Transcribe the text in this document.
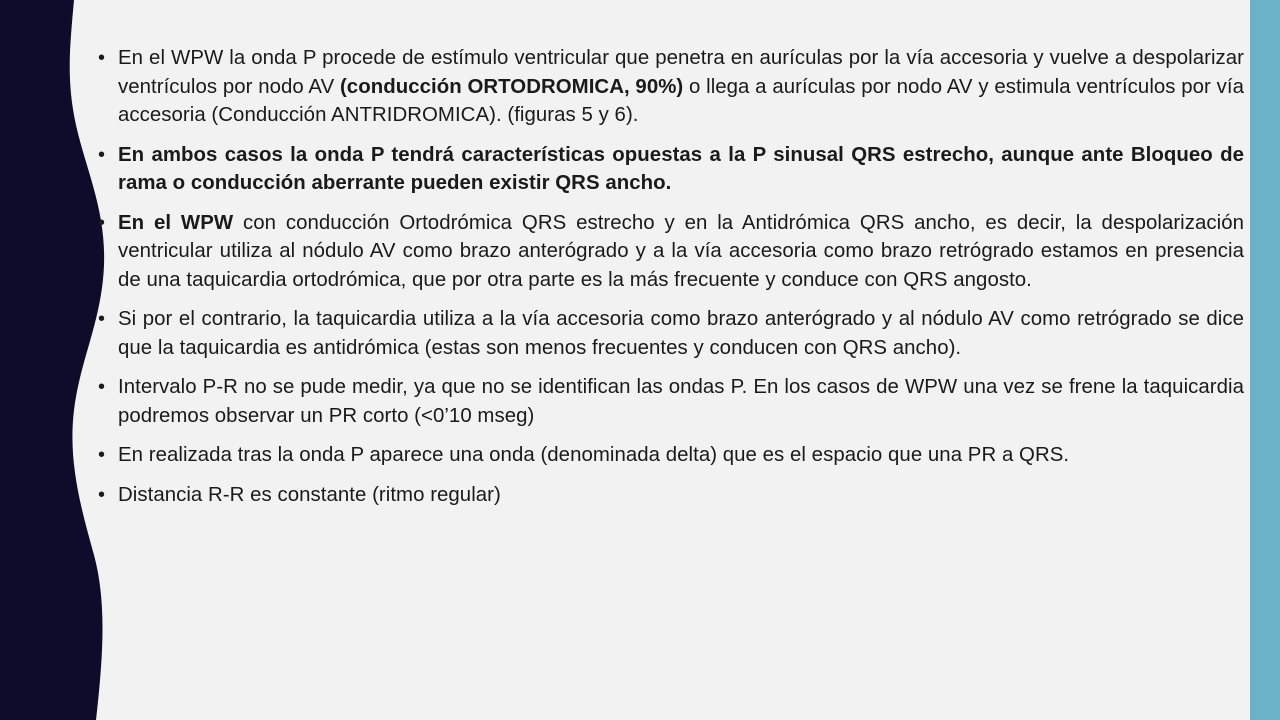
• En el WPW la onda P procede de estímulo ventricular que penetra en aurículas por la vía accesoria y vuelve a despolarizar ventrículos por nodo AV (conducción ORTODROMICA, 90%) o llega a aurículas por nodo AV y estimula ventrículos por vía accesoria (Conducción ANTRIDROMICA). (figuras 5 y 6).
• En ambos casos la onda P tendrá características opuestas a la P sinusal QRS estrecho, aunque ante Bloqueo de rama o conducción aberrante pueden existir QRS ancho.
• En el WPW con conducción Ortodrómica QRS estrecho y en la Antidrómica QRS ancho, es decir, la despolarización ventricular utiliza al nódulo AV como brazo anterógrado y a la vía accesoria como brazo retrógrado estamos en presencia de una taquicardia ortodrómica, que por otra parte es la más frecuente y conduce con QRS angosto.
• Si por el contrario, la taquicardia utiliza a la vía accesoria como brazo anterógrado y al nódulo AV como retrógrado se dice que la taquicardia es antidrómica (estas son menos frecuentes y conducen con QRS ancho).
• Intervalo P-R no se pude medir, ya que no se identifican las ondas P. En los casos de WPW una vez se frene la taquicardia podremos observar un PR corto (<0’10 mseg)
• En realizada tras la onda P aparece una onda (denominada delta) que es el espacio que una PR a QRS.
• Distancia R-R es constante (ritmo regular)
